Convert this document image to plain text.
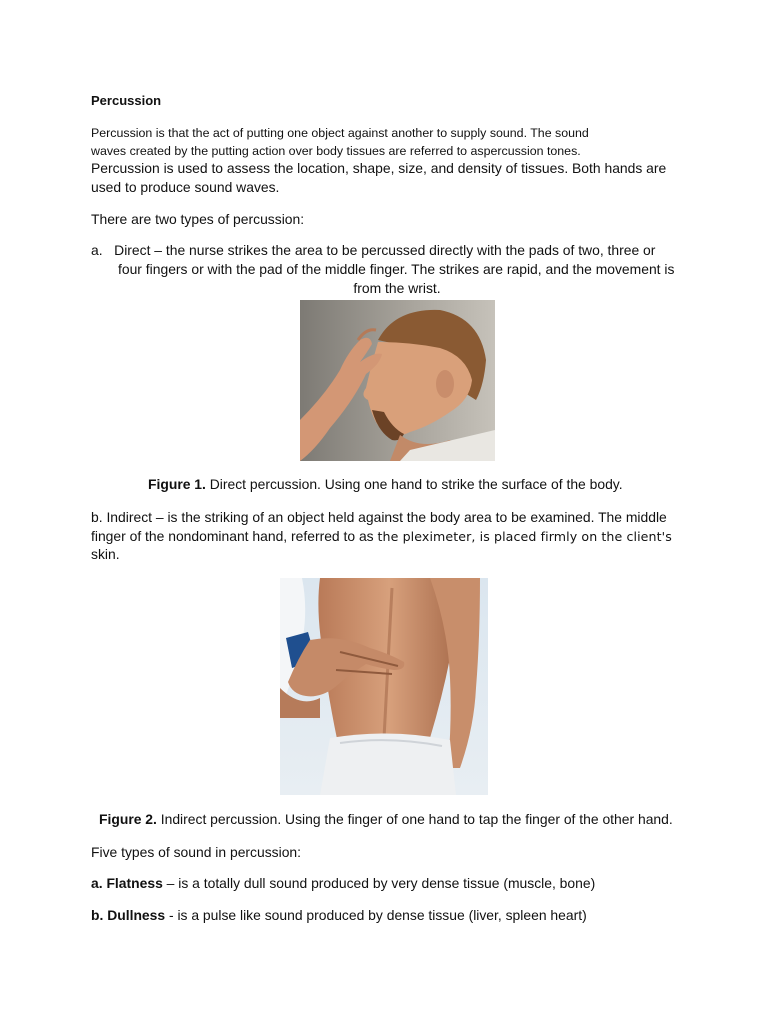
Percussion

Percussion is that the act of putting one object against another to supply sound. The sound

waves created by the putting action over body tissues are referred to aspercussion tones.

Percussion is used to assess the location, shape, size, and density of tissues. Both hands are

used to produce sound waves.

There are two types of percussion:

a. Direct – the nurse strikes the area to be percussed directly with the pads of two, three or

four fingers or with the pad of the middle finger. The strikes are rapid, and the movement is

from the wrist.

Figure 1. Direct percussion. Using one hand to strike the surface of the body.

b. Indirect – is the striking of an object held against the body area to be examined. The middle

finger of the nondominant hand, referred to as the pleximeter, is placed firmly on the client's

skin.

Figure 2. Indirect percussion. Using the finger of one hand to tap the finger of the other hand.

Five types of sound in percussion:

a. Flatness – is a totally dull sound produced by very dense tissue (muscle, bone)

b. Dullness - is a pulse like sound produced by dense tissue (liver, spleen heart)
